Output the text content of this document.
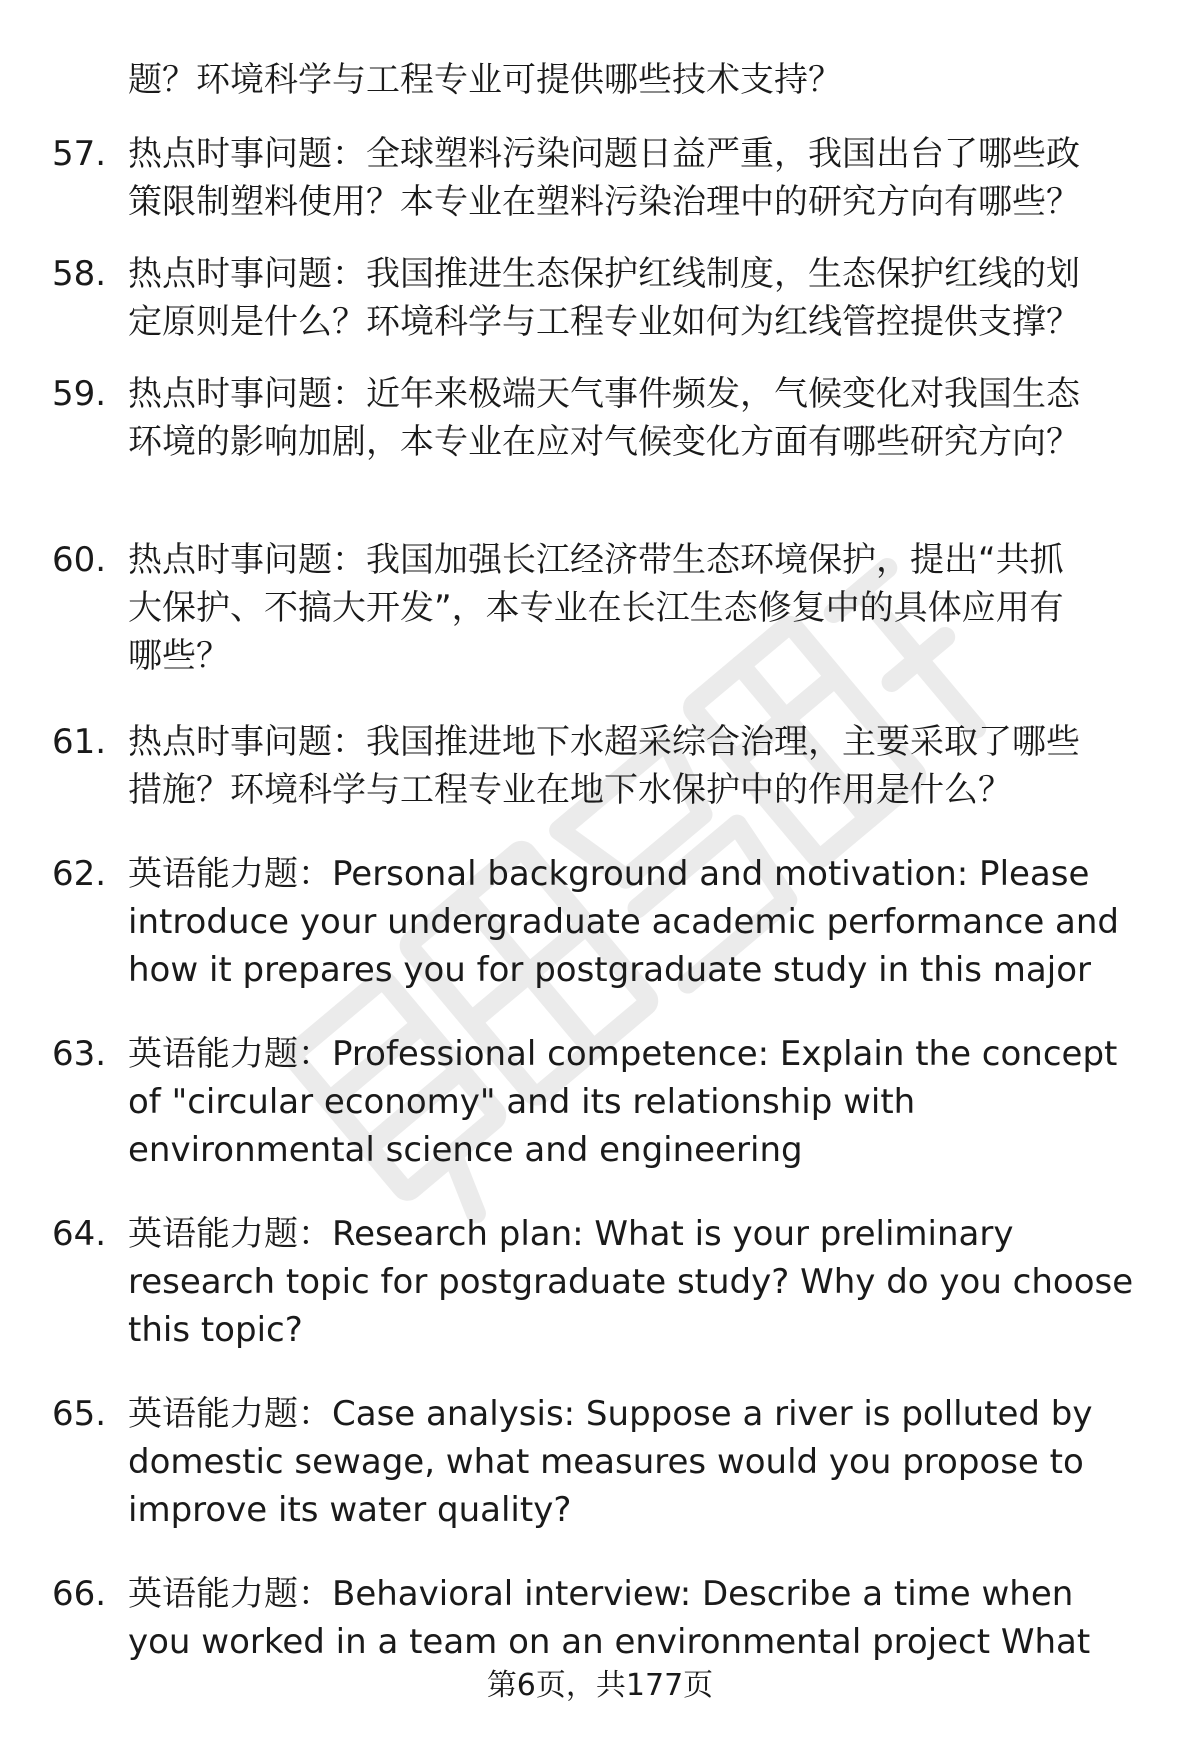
题？环境科学与工程专业可提供哪些技术支持？
57. 热点时事问题：全球塑料污染问题日益严重，我国出台了哪些政
策限制塑料使用？本专业在塑料污染治理中的研究方向有哪些？
58. 热点时事问题：我国推进生态保护红线制度，生态保护红线的划
定原则是什么？环境科学与工程专业如何为红线管控提供支撑？
59. 热点时事问题：近年来极端天气事件频发，气候变化对我国生态
环境的影响加剧，本专业在应对气候变化方面有哪些研究方向？
60. 热点时事问题：我国加强长江经济带生态环境保护，提出“共抓
大保护、不搞大开发”，本专业在长江生态修复中的具体应用有
哪些？
61. 热点时事问题：我国推进地下水超采综合治理，主要采取了哪些
措施？环境科学与工程专业在地下水保护中的作用是什么？
62. 英语能力题：Personal background and motivation: Please
introduce your undergraduate academic performance and
how it prepares you for postgraduate study in this major
63. 英语能力题：Professional competence: Explain the concept
of "circular economy" and its relationship with
environmental science and engineering
64. 英语能力题：Research plan: What is your preliminary
research topic for postgraduate study? Why do you choose
this topic?
65. 英语能力题：Case analysis: Suppose a river is polluted by
domestic sewage, what measures would you propose to
improve its water quality?
66. 英语能力题：Behavioral interview: Describe a time when
you worked in a team on an environmental project What
第6页，共177页
